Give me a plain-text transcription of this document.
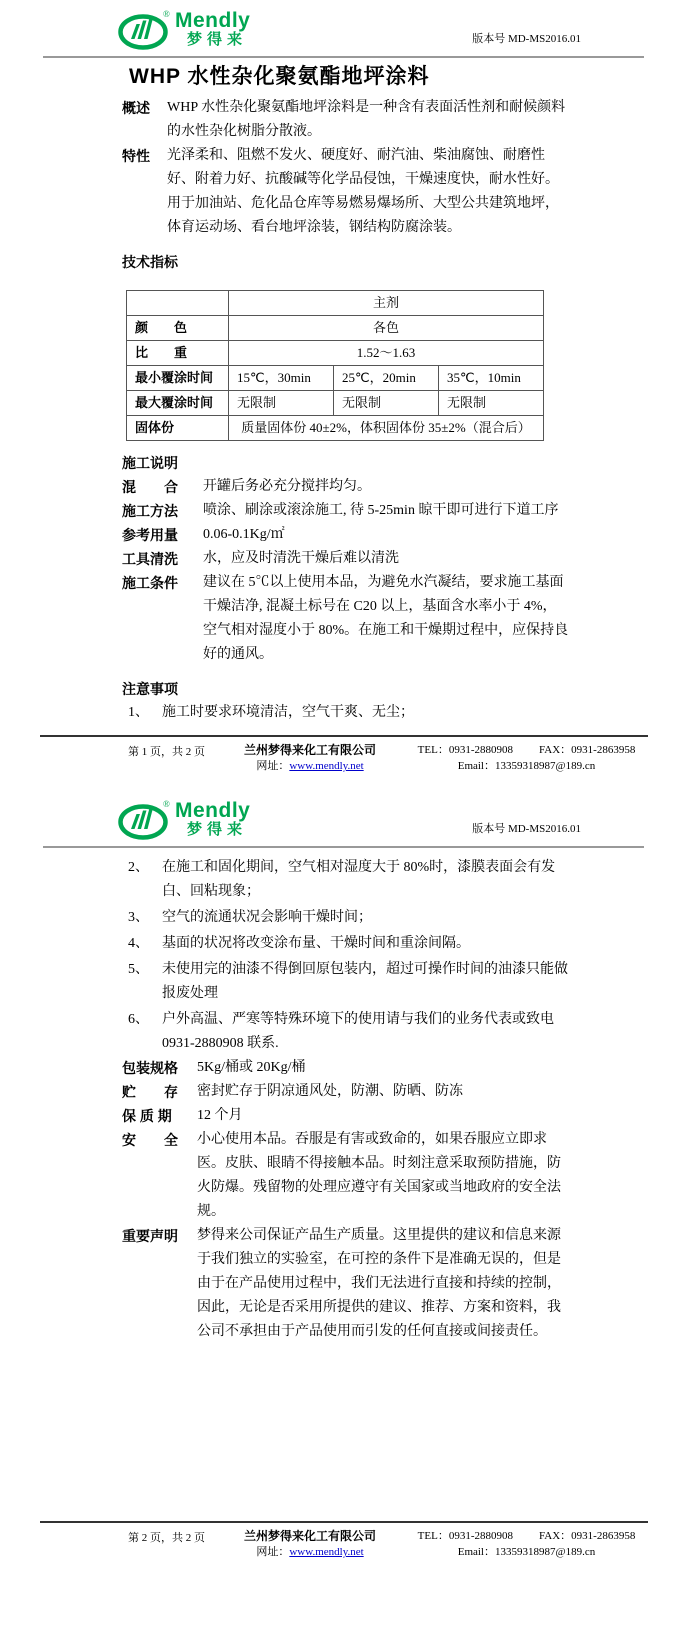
® Mendly
梦得来	版本号 MD-MS2016.01
WHP 水性杂化聚氨酯地坪涂料
概述	WHP 水性杂化聚氨酯地坪涂料是一种含有表面活性剂和耐候颜料的水性杂化树脂分散液。
特性	光泽柔和、阻燃不发火、硬度好、耐汽油、柴油腐蚀、耐磨性好、附着力好、抗酸碱等化学品侵蚀，干燥速度快，耐水性好。用于加油站、危化品仓库等易燃易爆场所、大型公共建筑地坪，体育运动场、看台地坪涂装，钢结构防腐涂装。
技术指标
	主剂		
颜　　色	各色		
比　　重	1.52～1.63		
最小覆涂时间	15℃，30min	25℃，20min	35℃，10min
最大覆涂时间	无限制	无限制	无限制
固体份	质量固体份 40±2%，体积固体份 35±2%（混合后）		
施工说明
混　　合	开罐后务必充分搅拌均匀。
施工方法	喷涂、刷涂或滚涂施工, 待 5-25min 晾干即可进行下道工序
参考用量	0.06-0.1Kg/㎡
工具清洗	水，应及时清洗干燥后难以清洗
施工条件	建议在 5℃以上使用本品，为避免水汽凝结，要求施工基面干燥洁净, 混凝土标号在 C20 以上，基面含水率小于 4%，空气相对湿度小于 80%。在施工和干燥期过程中，应保持良好的通风。
注意事项
1、 施工时要求环境清洁，空气干爽、无尘；
第 1 页，共 2 页	兰州梦得来化工有限公司
网址：www.mendly.net
TEL：0931-2880908 FAX：0931-2863958
Email：13359318987@189.cn
® Mendly
梦得来	版本号 MD-MS2016.01
2、 在施工和固化期间，空气相对湿度大于 80%时，漆膜表面会有发白、回粘现象；
3、 空气的流通状况会影响干燥时间；
4、 基面的状况将改变涂布量、干燥时间和重涂间隔。
5、 未使用完的油漆不得倒回原包装内，超过可操作时间的油漆只能做报废处理
6、 户外高温、严寒等特殊环境下的使用请与我们的业务代表或致电 0931-2880908 联系.
包装规格	5Kg/桶或 20Kg/桶
贮　　存	密封贮存于阴凉通风处，防潮、防晒、防冻
保 质 期	12 个月
安　　全	小心使用本品。吞服是有害或致命的，如果吞服应立即求医。皮肤、眼睛不得接触本品。时刻注意采取预防措施，防火防爆。残留物的处理应遵守有关国家或当地政府的安全法规。
重要声明	梦得来公司保证产品生产质量。这里提供的建议和信息来源于我们独立的实验室，在可控的条件下是准确无误的，但是由于在产品使用过程中，我们无法进行直接和持续的控制，因此，无论是否采用所提供的建议、推荐、方案和资料，我公司不承担由于产品使用而引发的任何直接或间接责任。
第 2 页，共 2 页	兰州梦得来化工有限公司
网址：www.mendly.net
TEL：0931-2880908 FAX：0931-2863958
Email：13359318987@189.cn
